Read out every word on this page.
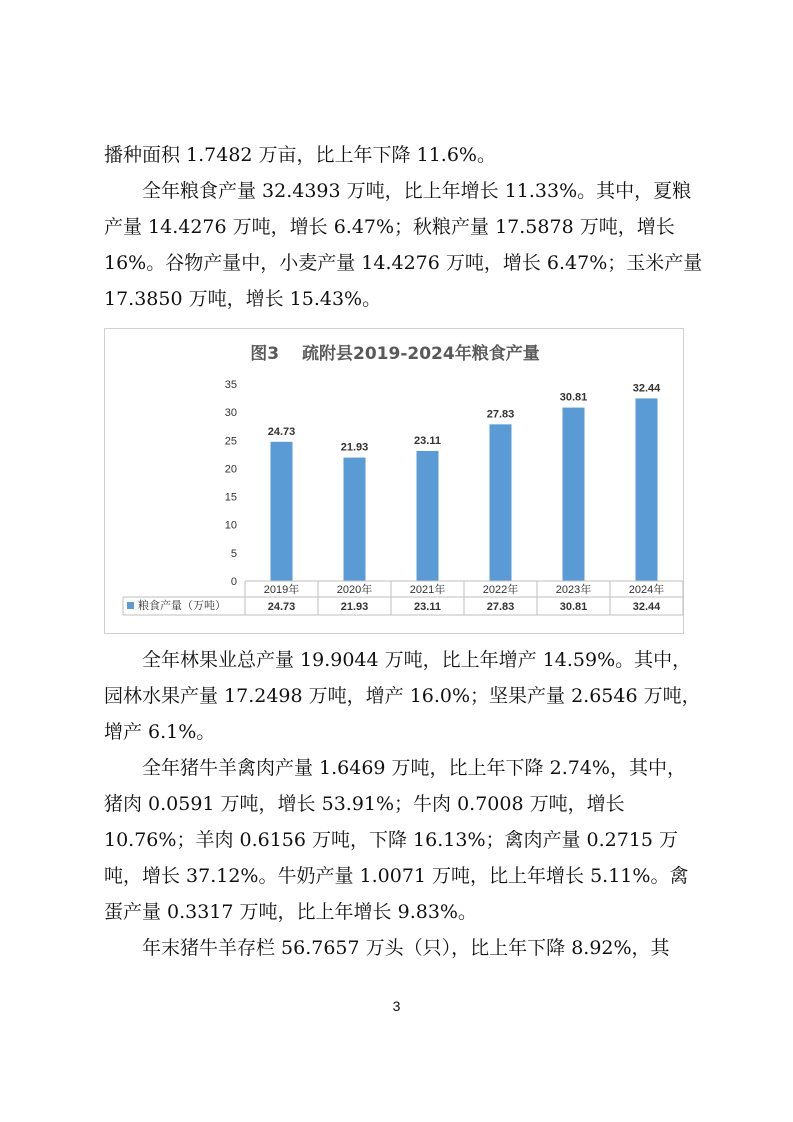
播种面积 1.7482 万亩，比上年下降 11.6%。

全年粮食产量 32.4393 万吨，比上年增长 11.33%。其中，夏粮产量 14.4276 万吨，增长 6.47%；秋粮产量 17.5878 万吨，增长 16%。谷物产量中，小麦产量 14.4276 万吨，增长 6.47%；玉米产量 17.3850 万吨，增长 15.43%。

图3　 疏附县2019-2024年粮食产量
0
5
10
15
20
25
30
35
24.73
21.93
23.11
27.83
30.81
32.44
2019年	2020年	2021年	2022年	2023年	2024年
粮食产量（万吨）	24.73	21.93	23.11	27.83	30.81	32.44

全年林果业总产量 19.9044 万吨，比上年增产 14.59%。其中，园林水果产量 17.2498 万吨，增产 16.0%；坚果产量 2.6546 万吨，增产 6.1%。

全年猪牛羊禽肉产量 1.6469 万吨，比上年下降 2.74%，其中，猪肉 0.0591 万吨，增长 53.91%；牛肉 0.7008 万吨，增长 10.76%；羊肉 0.6156 万吨，下降 16.13%；禽肉产量 0.2715 万吨，增长 37.12%。牛奶产量 1.0071 万吨，比上年增长 5.11%。禽蛋产量 0.3317 万吨，比上年增长 9.83%。

年末猪牛羊存栏 56.7657 万头（只），比上年下降 8.92%，其

3
